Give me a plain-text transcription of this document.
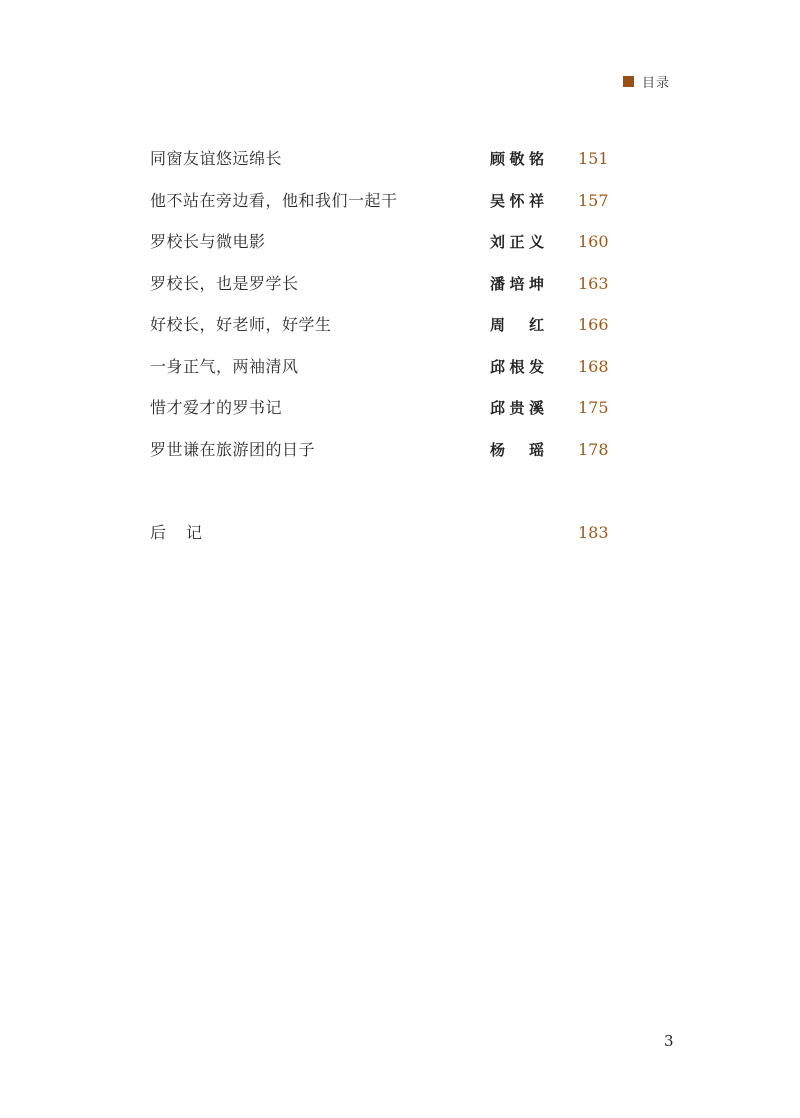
目录
同窗友谊悠远绵长	顾敬铭 151
他不站在旁边看，他和我们一起干	吴怀祥 157
罗校长与微电影	刘正义 160
罗校长，也是罗学长	潘培坤 163
好校长，好老师，好学生	周红 166
一身正气，两袖清风	邱根发 168
惜才爱才的罗书记	邱贵溪 175
罗世谦在旅游团的日子	杨瑶 178
后记	183
3
